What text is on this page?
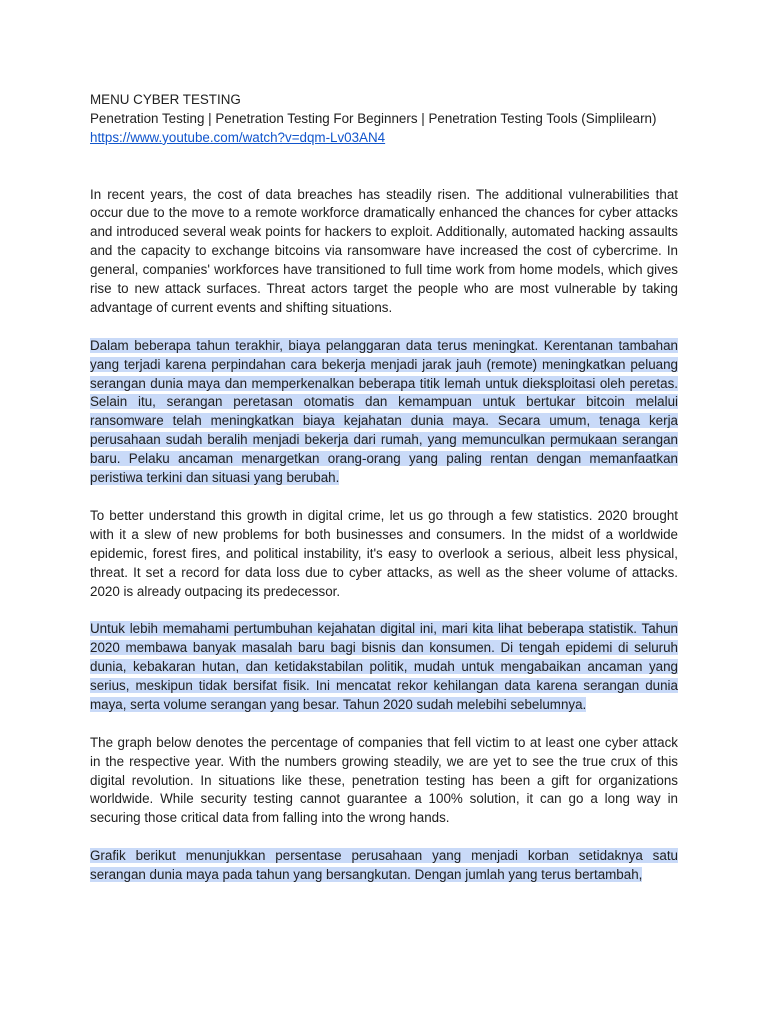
MENU CYBER TESTING

Penetration Testing | Penetration Testing For Beginners | Penetration Testing Tools (Simplilearn)

https://www.youtube.com/watch?v=dqm-Lv03AN4

In recent years, the cost of data breaches has steadily risen. The additional vulnerabilities that occur due to the move to a remote workforce dramatically enhanced the chances for cyber attacks and introduced several weak points for hackers to exploit. Additionally, automated hacking assaults and the capacity to exchange bitcoins via ransomware have increased the cost of cybercrime. In general, companies' workforces have transitioned to full time work from home models, which gives rise to new attack surfaces. Threat actors target the people who are most vulnerable by taking advantage of current events and shifting situations.

Dalam beberapa tahun terakhir, biaya pelanggaran data terus meningkat. Kerentanan tambahan yang terjadi karena perpindahan cara bekerja menjadi jarak jauh (remote) meningkatkan peluang serangan dunia maya dan memperkenalkan beberapa titik lemah untuk dieksploitasi oleh peretas. Selain itu, serangan peretasan otomatis dan kemampuan untuk bertukar bitcoin melalui ransomware telah meningkatkan biaya kejahatan dunia maya. Secara umum, tenaga kerja perusahaan sudah beralih menjadi bekerja dari rumah, yang memunculkan permukaan serangan baru. Pelaku ancaman menargetkan orang-orang yang paling rentan dengan memanfaatkan peristiwa terkini dan situasi yang berubah.

To better understand this growth in digital crime, let us go through a few statistics. 2020 brought with it a slew of new problems for both businesses and consumers. In the midst of a worldwide epidemic, forest fires, and political instability, it's easy to overlook a serious, albeit less physical, threat. It set a record for data loss due to cyber attacks, as well as the sheer volume of attacks. 2020 is already outpacing its predecessor.

Untuk lebih memahami pertumbuhan kejahatan digital ini, mari kita lihat beberapa statistik. Tahun 2020 membawa banyak masalah baru bagi bisnis dan konsumen. Di tengah epidemi di seluruh dunia, kebakaran hutan, dan ketidakstabilan politik, mudah untuk mengabaikan ancaman yang serius, meskipun tidak bersifat fisik. Ini mencatat rekor kehilangan data karena serangan dunia maya, serta volume serangan yang besar. Tahun 2020 sudah melebihi sebelumnya.

The graph below denotes the percentage of companies that fell victim to at least one cyber attack in the respective year. With the numbers growing steadily, we are yet to see the true crux of this digital revolution. In situations like these, penetration testing has been a gift for organizations worldwide. While security testing cannot guarantee a 100% solution, it can go a long way in securing those critical data from falling into the wrong hands.

Grafik berikut menunjukkan persentase perusahaan yang menjadi korban setidaknya satu serangan dunia maya pada tahun yang bersangkutan. Dengan jumlah yang terus bertambah,
